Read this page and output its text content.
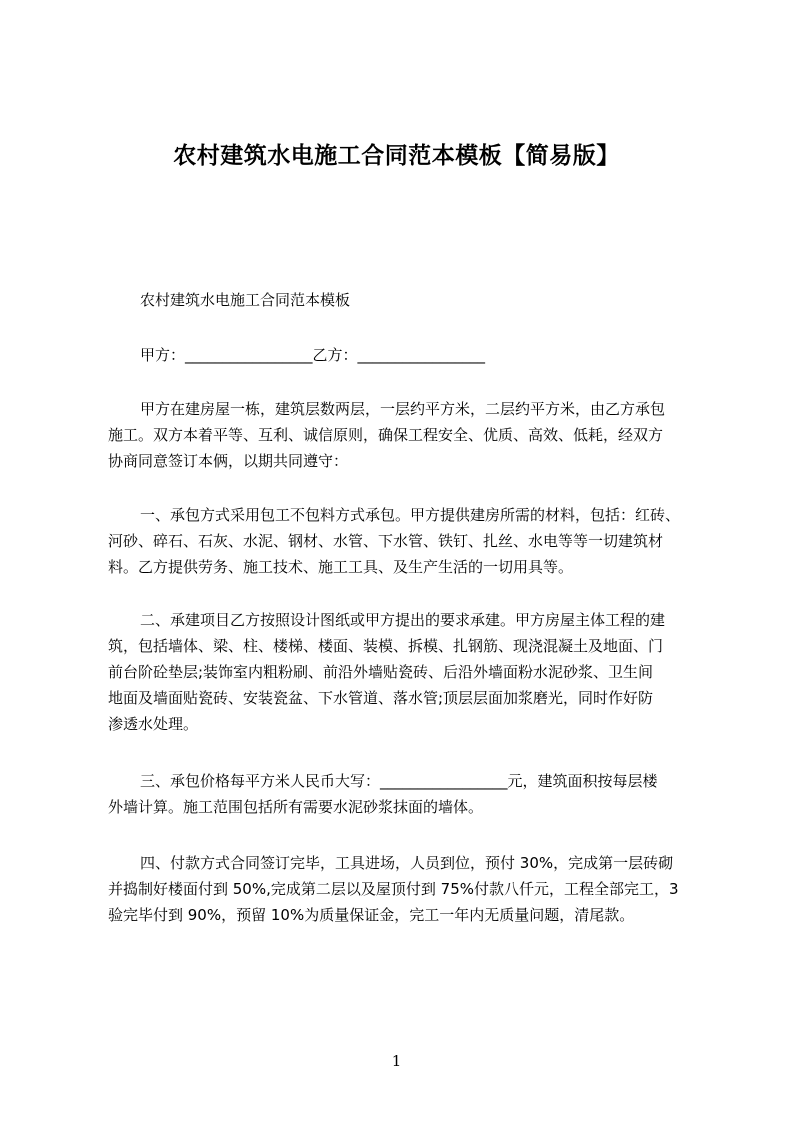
农村建筑水电施工合同范本模板【简易版】

农村建筑水电施工合同范本模板

甲方：_________________乙方：_________________

甲方在建房屋一栋，建筑层数两层，一层约平方米，二层约平方米，由乙方承包
施工。双方本着平等、互利、诚信原则，确保工程安全、优质、高效、低耗，经双方
协商同意签订本俩，以期共同遵守：
一、承包方式采用包工不包料方式承包。甲方提供建房所需的材料，包括：红砖、
河砂、碎石、石灰、水泥、钢材、水管、下水管、铁钉、扎丝、水电等等一切建筑材
料。乙方提供劳务、施工技术、施工工具、及生产生活的一切用具等。
二、承建项目乙方按照设计图纸或甲方提出的要求承建。甲方房屋主体工程的建
筑，包括墙体、梁、柱、楼梯、楼面、装模、拆模、扎钢筋、现浇混凝土及地面、门
前台阶砼垫层;装饰室内粗粉刷、前沿外墙贴瓷砖、后沿外墙面粉水泥砂浆、卫生间
地面及墙面贴瓷砖、安装瓷盆、下水管道、落水管;顶层层面加浆磨光，同时作好防
渗透水处理。
三、承包价格每平方米人民币大写：_________________元，建筑面积按每层楼
外墙计算。施工范围包括所有需要水泥砂浆抹面的墙体。
四、付款方式合同签订完毕，工具进场，人员到位，预付 30%，完成第一层砖砌
并捣制好楼面付到 50%,完成第二层以及屋顶付到 75%付款八仟元，工程全部完工，3
验完毕付到 90%，预留 10%为质量保证金，完工一年内无质量问题，清尾款。
1
